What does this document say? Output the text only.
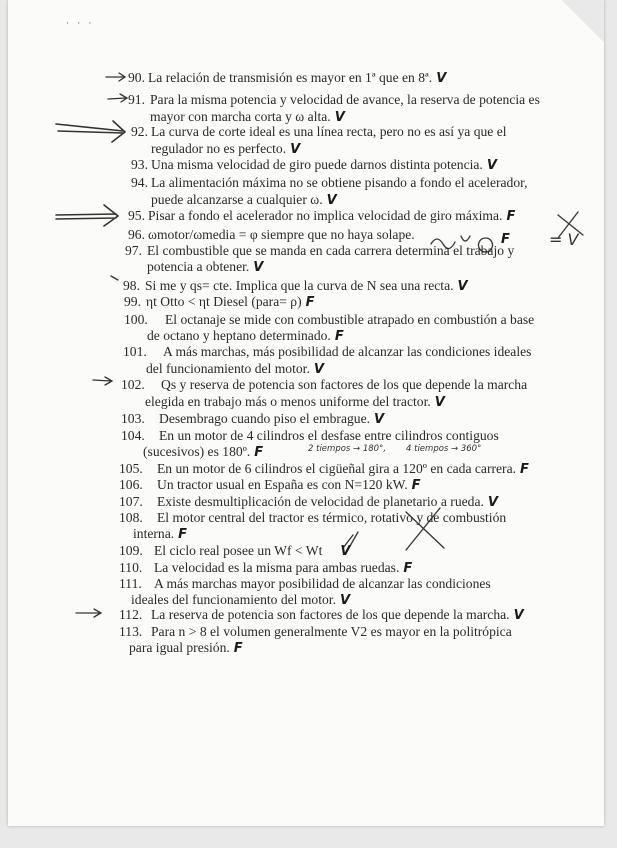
· · ·
= V
2 tiempos → 180°, 4 tiempos → 360°
90. La relación de transmisión es mayor en 1ª que en 8ª. V
91. Para la misma potencia y velocidad de avance, la reserva de potencia es
mayor con marcha corta y ω alta. V
92. La curva de corte ideal es una línea recta, pero no es así ya que el
regulador no es perfecto. V
93. Una misma velocidad de giro puede darnos distinta potencia. V
94. La alimentación máxima no se obtiene pisando a fondo el acelerador,
puede alcanzarse a cualquier ω. V
95. Pisar a fondo el acelerador no implica velocidad de giro máxima. F
96. ωmotor/ωmedia = φ siempre que no haya solape.	F
97. El combustible que se manda en cada carrera determina el trabajo y
potencia a obtener. V
98. Si me y qs= cte. Implica que la curva de N sea una recta. V
99. ηt Otto < ηt Diesel (para= ρ) F
100. El octanaje se mide con combustible atrapado en combustión a base
de octano y heptano determinado. F
101. A más marchas, más posibilidad de alcanzar las condiciones ideales
del funcionamiento del motor. V
102. Qs y reserva de potencia son factores de los que depende la marcha
elegida en trabajo más o menos uniforme del tractor. V
103. Desembrago cuando piso el embrague. V
104. En un motor de 4 cilindros el desfase entre cilindros contiguos
(sucesivos) es 180º. F
105. En un motor de 6 cilindros el cigüeñal gira a 120º en cada carrera. F
106. Un tractor usual en España es con N=120 kW. F
107. Existe desmultiplicación de velocidad de planetario a rueda. V
108. El motor central del tractor es térmico, rotativo y de combustión
interna. F
109. El ciclo real posee un Wf < Wt V
110. La velocidad es la misma para ambas ruedas. F
111. A más marchas mayor posibilidad de alcanzar las condiciones
ideales del funcionamiento del motor. V
112. La reserva de potencia son factores de los que depende la marcha. V
113. Para n > 8 el volumen generalmente V2 es mayor en la politrópica
para igual presión. F
